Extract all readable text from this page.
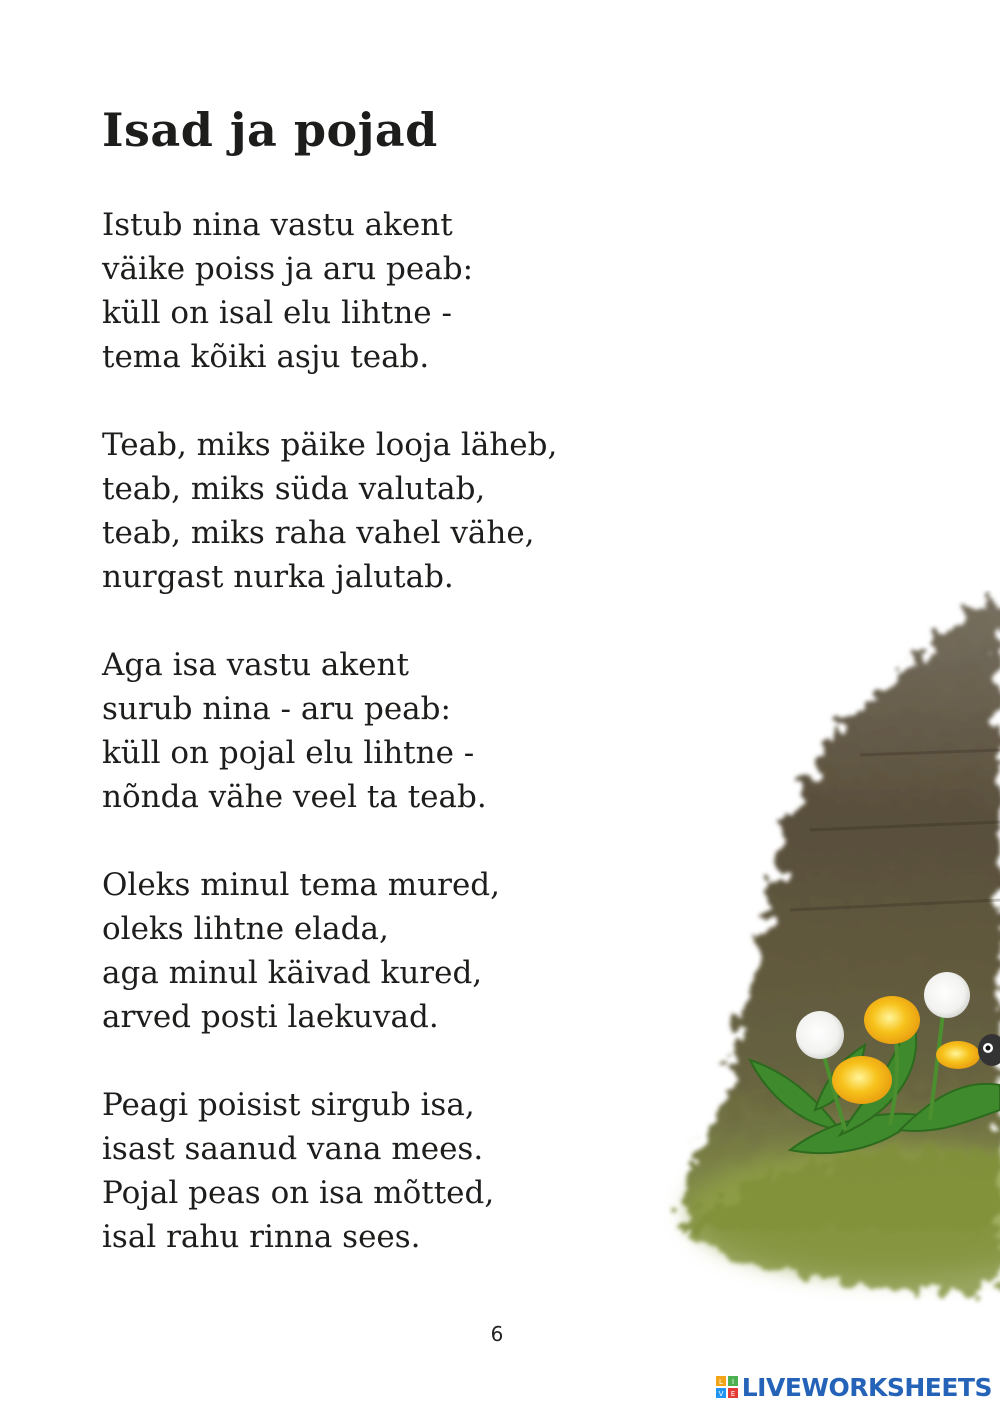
Isad ja pojad
Istub nina vastu akent
väike poiss ja aru peab:
küll on isal elu lihtne -
tema kõiki asju teab.
Teab, miks päike looja läheb,
teab, miks süda valutab,
teab, miks raha vahel vähe,
nurgast nurka jalutab.
Aga isa vastu akent
surub nina - aru peab:
küll on pojal elu lihtne -
nõnda vähe veel ta teab.
Oleks minul tema mured,
oleks lihtne elada,
aga minul käivad kured,
arved posti laekuvad.
Peagi poisist sirgub isa,
isast saanud vana mees.
Pojal peas on isa mõtted,
isal rahu rinna sees.
6
L I
V E LIVEWORKSHEETS
